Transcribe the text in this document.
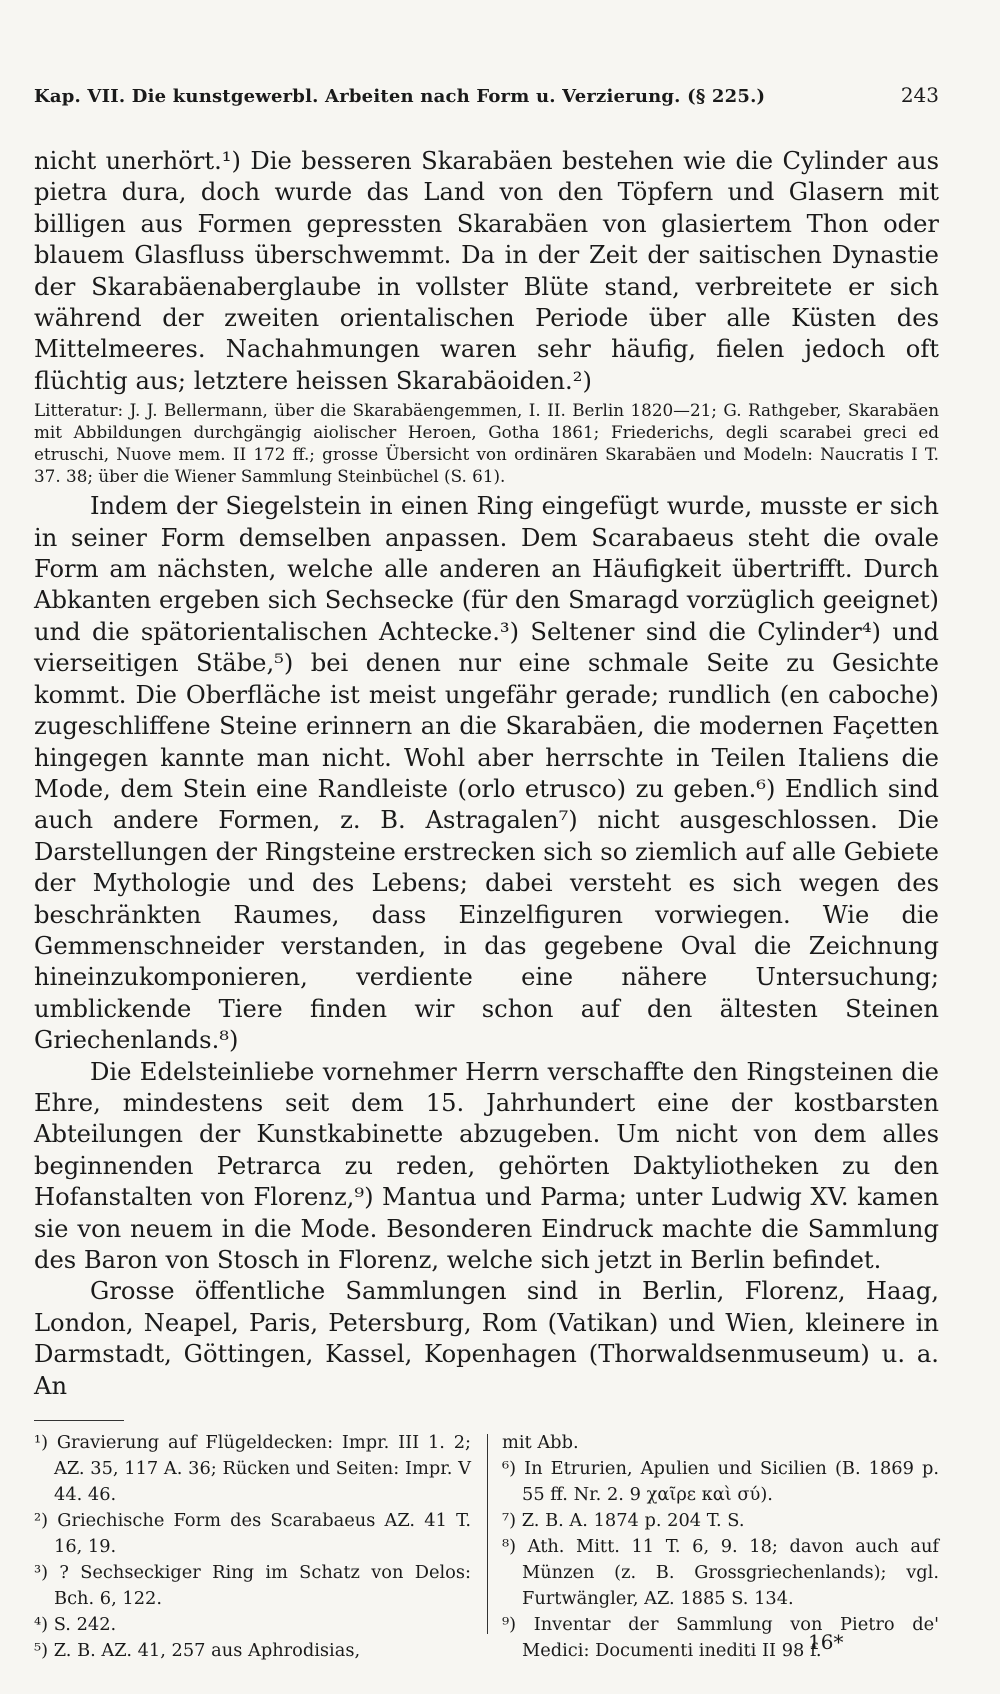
Kap. VII. Die kunstgewerbl. Arbeiten nach Form u. Verzierung. (§ 225.)	243

nicht unerhört.¹) Die besseren Skarabäen bestehen wie die Cylinder aus pietra dura, doch wurde das Land von den Töpfern und Glasern mit billigen aus Formen gepressten Skarabäen von glasiertem Thon oder blauem Glasfluss überschwemmt. Da in der Zeit der saitischen Dynastie der Skarabäenaberglaube in vollster Blüte stand, verbreitete er sich während der zweiten orientalischen Periode über alle Küsten des Mittelmeeres. Nachahmungen waren sehr häufig, fielen jedoch oft flüchtig aus; letztere heissen Skarabäoiden.²)

Litteratur: J. J. Bellermann, über die Skarabäengemmen, I. II. Berlin 1820—21; G. Rathgeber, Skarabäen mit Abbildungen durchgängig aiolischer Heroen, Gotha 1861; Friederichs, degli scarabei greci ed etruschi, Nuove mem. II 172 ff.; grosse Übersicht von ordinären Skarabäen und Modeln: Naucratis I T. 37. 38; über die Wiener Sammlung Steinbüchel (S. 61).

Indem der Siegelstein in einen Ring eingefügt wurde, musste er sich in seiner Form demselben anpassen. Dem Scarabaeus steht die ovale Form am nächsten, welche alle anderen an Häufigkeit übertrifft. Durch Abkanten ergeben sich Sechsecke (für den Smaragd vorzüglich geeignet) und die spätorientalischen Achtecke.³) Seltener sind die Cylinder⁴) und vierseitigen Stäbe,⁵) bei denen nur eine schmale Seite zu Gesichte kommt. Die Oberfläche ist meist ungefähr gerade; rundlich (en caboche) zugeschliffene Steine erinnern an die Skarabäen, die modernen Façetten hingegen kannte man nicht. Wohl aber herrschte in Teilen Italiens die Mode, dem Stein eine Randleiste (orlo etrusco) zu geben.⁶) Endlich sind auch andere Formen, z. B. Astragalen⁷) nicht ausgeschlossen. Die Darstellungen der Ringsteine erstrecken sich so ziemlich auf alle Gebiete der Mythologie und des Lebens; dabei versteht es sich wegen des beschränkten Raumes, dass Einzelfiguren vorwiegen. Wie die Gemmenschneider verstanden, in das gegebene Oval die Zeichnung hineinzukomponieren, verdiente eine nähere Untersuchung; umblickende Tiere finden wir schon auf den ältesten Steinen Griechenlands.⁸)

Die Edelsteinliebe vornehmer Herrn verschaffte den Ringsteinen die Ehre, mindestens seit dem 15. Jahrhundert eine der kostbarsten Abteilungen der Kunstkabinette abzugeben. Um nicht von dem alles beginnenden Petrarca zu reden, gehörten Daktyliotheken zu den Hofanstalten von Florenz,⁹) Mantua und Parma; unter Ludwig XV. kamen sie von neuem in die Mode. Besonderen Eindruck machte die Sammlung des Baron von Stosch in Florenz, welche sich jetzt in Berlin befindet.

Grosse öffentliche Sammlungen sind in Berlin, Florenz, Haag, London, Neapel, Paris, Petersburg, Rom (Vatikan) und Wien, kleinere in Darmstadt, Göttingen, Kassel, Kopenhagen (Thorwaldsenmuseum) u. a. An

¹) Gravierung auf Flügeldecken: Impr. III 1. 2; AZ. 35, 117 A. 36; Rücken und Seiten: Impr. V 44. 46.

²) Griechische Form des Scarabaeus AZ. 41 T. 16, 19.

³) ? Sechseckiger Ring im Schatz von Delos: Bch. 6, 122.

⁴) S. 242.

⁵) Z. B. AZ. 41, 257 aus Aphrodisias,

mit Abb.

⁶) In Etrurien, Apulien und Sicilien (B. 1869 p. 55 ff. Nr. 2. 9 χαῖρε καὶ σύ).

⁷) Z. B. A. 1874 p. 204 T. S.

⁸) Ath. Mitt. 11 T. 6, 9. 18; davon auch auf Münzen (z. B. Grossgriechenlands); vgl. Furtwängler, AZ. 1885 S. 134.

⁹) Inventar der Sammlung von Pietro de' Medici: Documenti inediti II 98 f.

16*
